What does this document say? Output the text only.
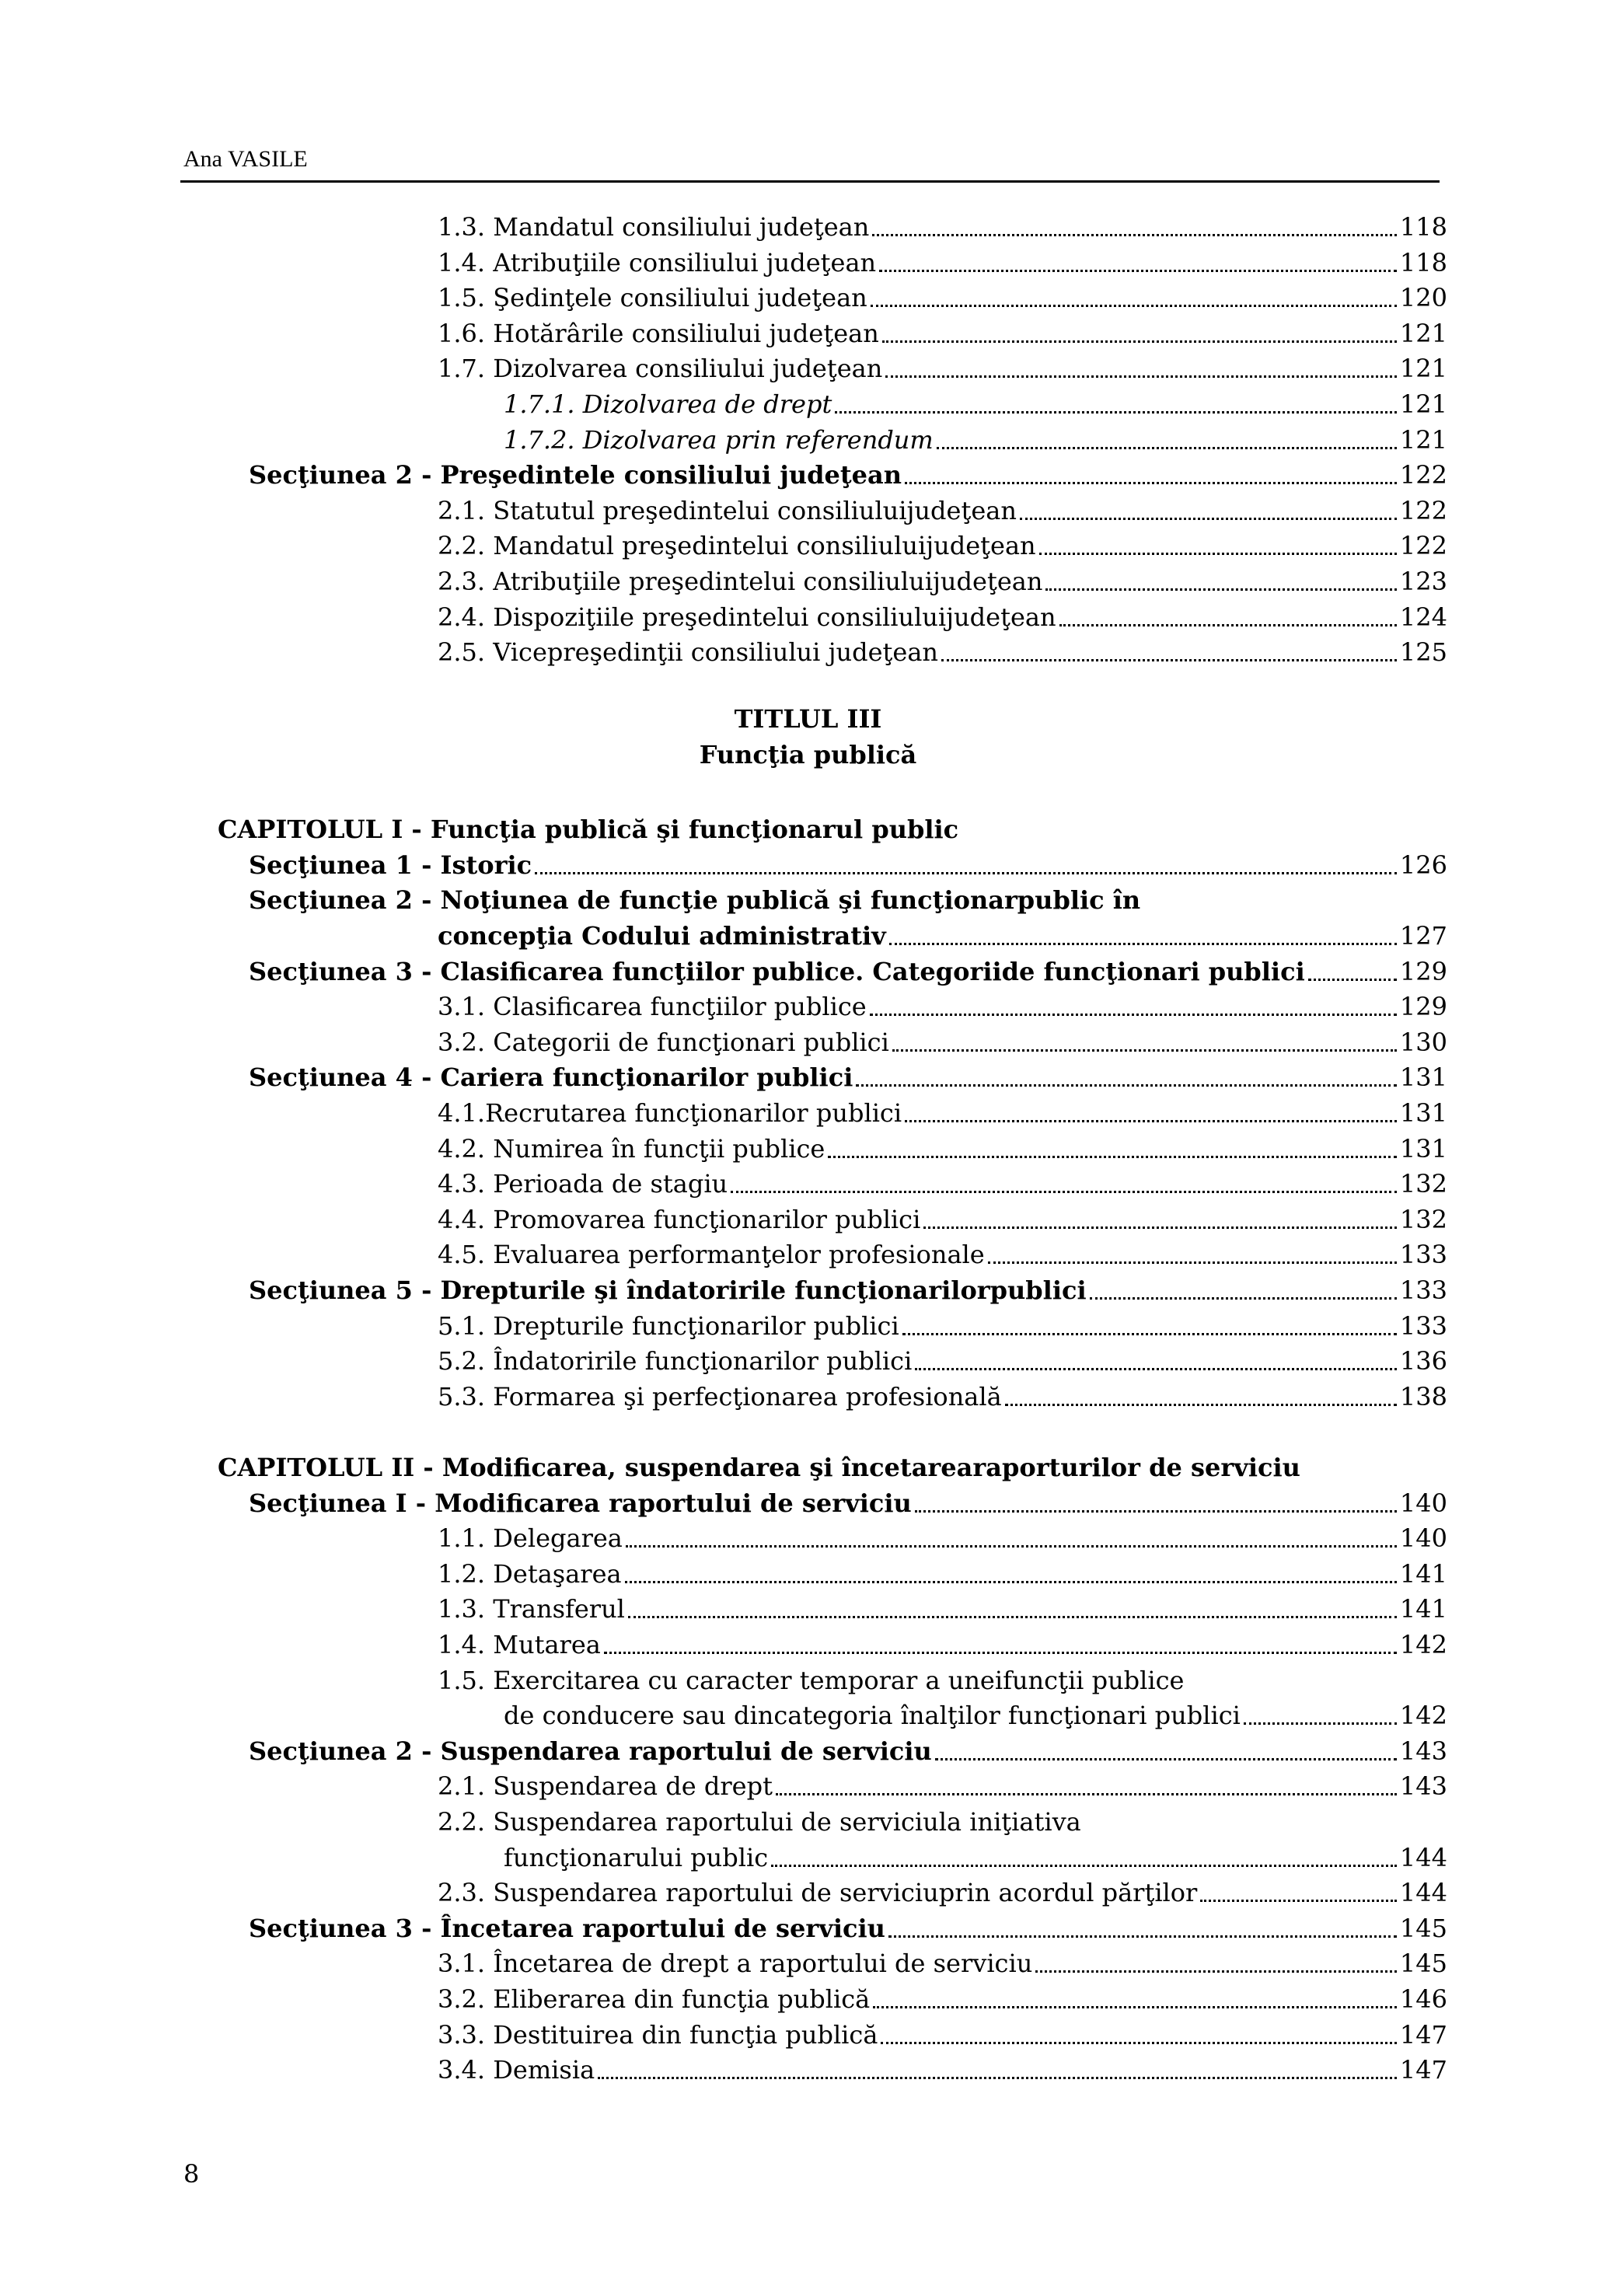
Ana VASILE
1.3. Mandatul consiliului judeţean	118
1.4. Atribuţiile consiliului judeţean	118
1.5. Şedinţele consiliului judeţean	120
1.6. Hotărârile consiliului judeţean	121
1.7. Dizolvarea consiliului judeţean	121
1.7.1. Dizolvarea de drept	121
1.7.2. Dizolvarea prin referendum	121
Secţiunea 2 - Preşedintele consiliului judeţean	122
2.1. Statutul preşedintelui consiliuluijudeţean	122
2.2. Mandatul preşedintelui consiliuluijudeţean	122
2.3. Atribuţiile preşedintelui consiliuluijudeţean	123
2.4. Dispoziţiile preşedintelui consiliuluijudeţean	124
2.5. Vicepreşedinţii consiliului judeţean	125
TITLUL III
Funcţia publică
CAPITOLUL I - Funcţia publică şi funcţionarul public
Secţiunea 1 - Istoric	126
Secţiunea 2 - Noţiunea de funcţie publică şi funcţionarpublic în
concepţia Codului administrativ	127
Secţiunea 3 - Clasificarea funcţiilor publice. Categoriide funcţionari publici	129
3.1. Clasificarea funcţiilor publice	129
3.2. Categorii de funcţionari publici	130
Secţiunea 4 - Cariera funcţionarilor publici	131
4.1.Recrutarea funcţionarilor publici	131
4.2. Numirea în funcţii publice	131
4.3. Perioada de stagiu	132
4.4. Promovarea funcţionarilor publici	132
4.5. Evaluarea performanţelor profesionale	133
Secţiunea 5 - Drepturile şi îndatoririle funcţionarilorpublici	133
5.1. Drepturile funcţionarilor publici	133
5.2. Îndatoririle funcţionarilor publici	136
5.3. Formarea şi perfecţionarea profesională	138
CAPITOLUL II - Modificarea, suspendarea şi încetarearaporturilor de serviciu
Secţiunea I - Modificarea raportului de serviciu	140
1.1. Delegarea	140
1.2. Detaşarea	141
1.3. Transferul	141
1.4. Mutarea	142
1.5. Exercitarea cu caracter temporar a uneifuncţii publice
de conducere sau dincategoria înalţilor funcţionari publici	142
Secţiunea 2 - Suspendarea raportului de serviciu	143
2.1. Suspendarea de drept	143
2.2. Suspendarea raportului de serviciula iniţiativa
funcţionarului public	144
2.3. Suspendarea raportului de serviciuprin acordul părţilor	144
Secţiunea 3 - Încetarea raportului de serviciu	145
3.1. Încetarea de drept a raportului de serviciu	145
3.2. Eliberarea din funcţia publică	146
3.3. Destituirea din funcţia publică	147
3.4. Demisia	147
8
